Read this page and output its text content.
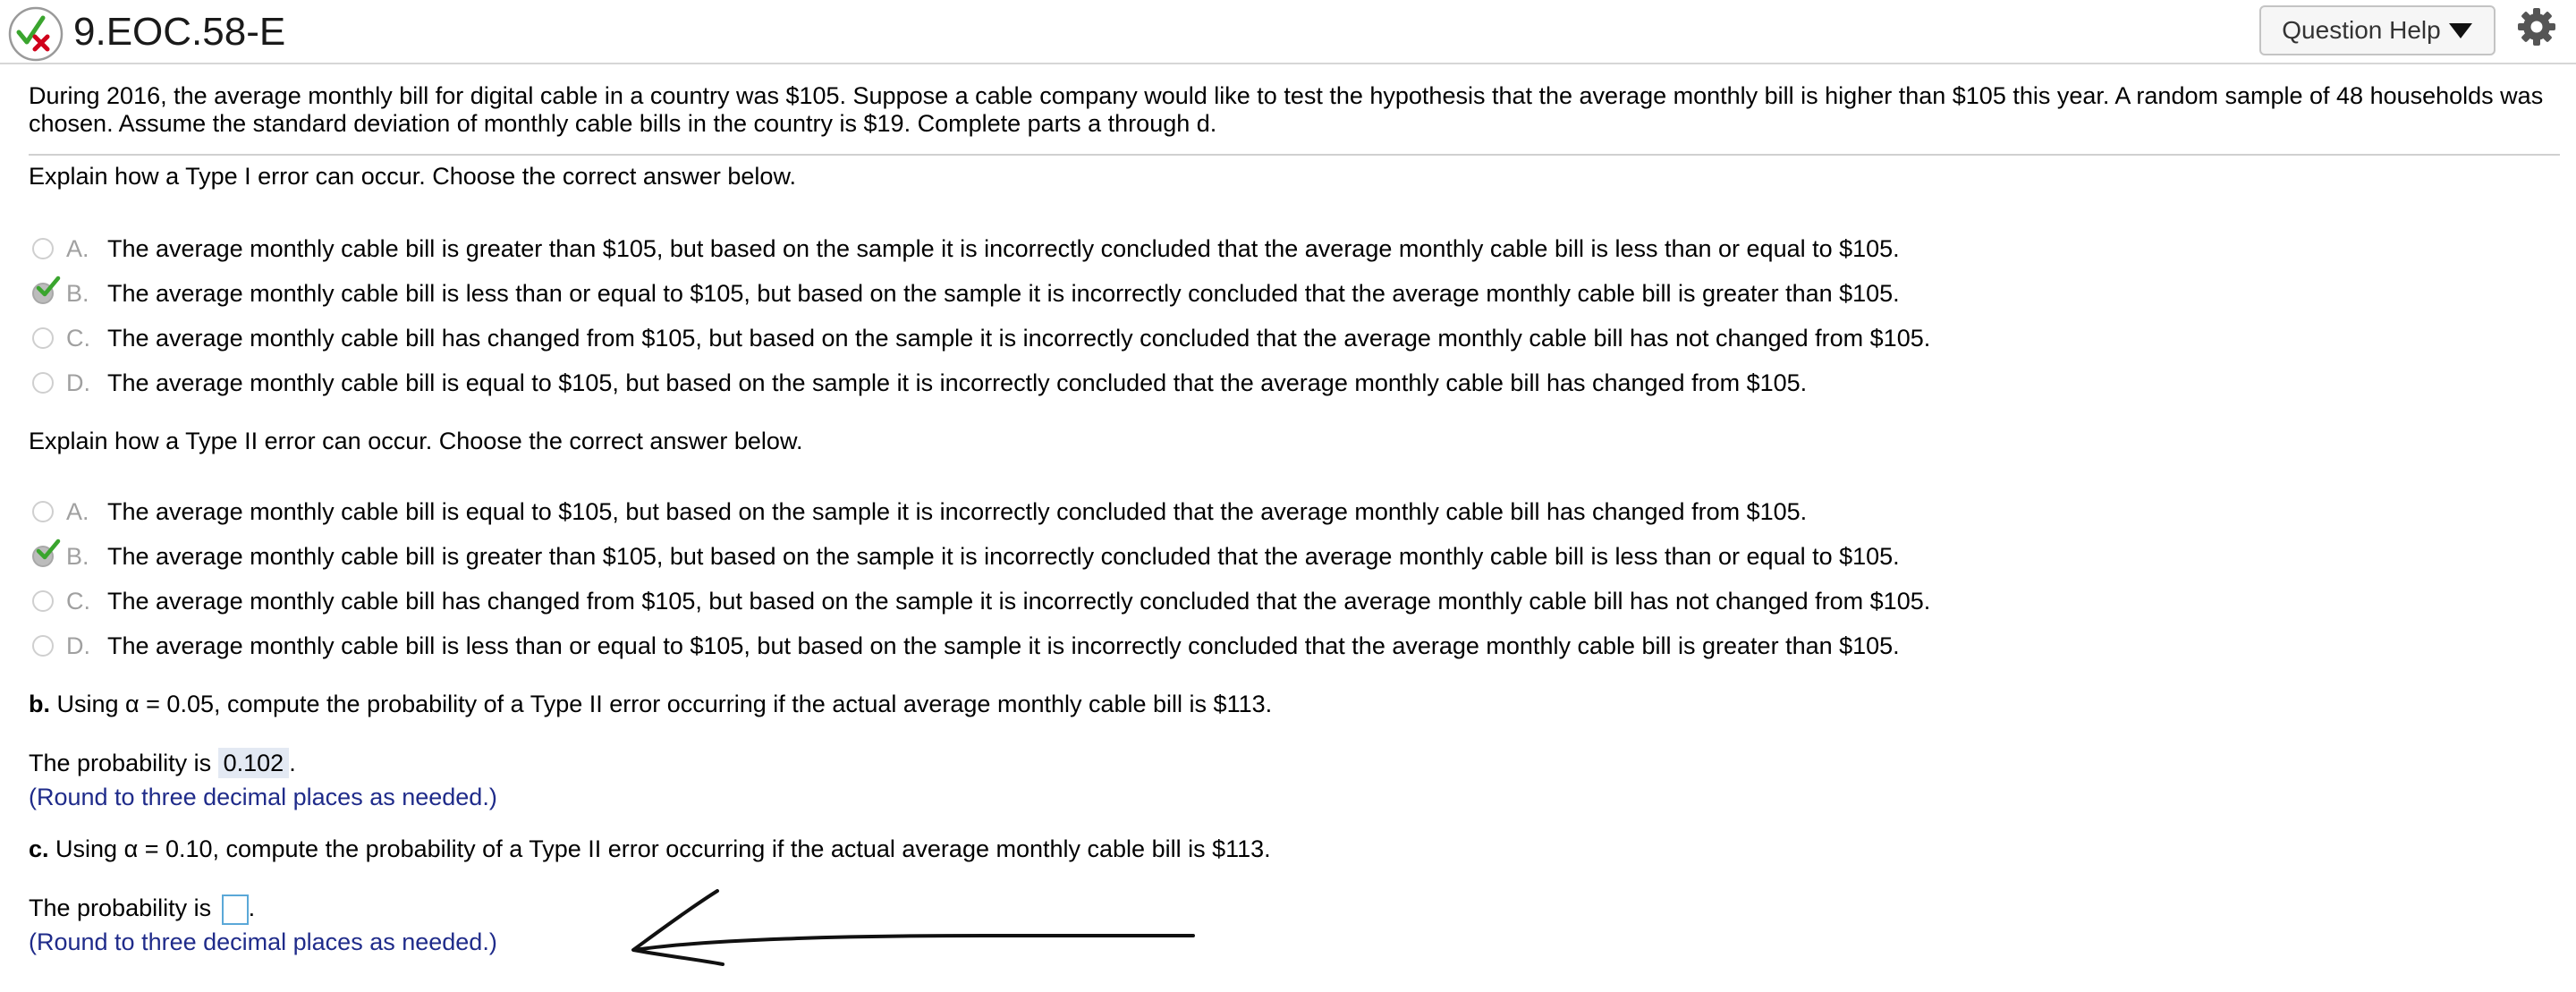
9.EOC.58-E	Question Help

During 2016, the average monthly bill for digital cable in a country was $105. Suppose a cable company would like to test the hypothesis that the average monthly bill is higher than $105 this year. A random sample of 48 households was chosen. Assume the standard deviation of monthly cable bills in the country is $19. Complete parts a through d.

Explain how a Type I error can occur. Choose the correct answer below.

A. The average monthly cable bill is greater than $105, but based on the sample it is incorrectly concluded that the average monthly cable bill is less than or equal to $105.
B. The average monthly cable bill is less than or equal to $105, but based on the sample it is incorrectly concluded that the average monthly cable bill is greater than $105.
C. The average monthly cable bill has changed from $105, but based on the sample it is incorrectly concluded that the average monthly cable bill has not changed from $105.
D. The average monthly cable bill is equal to $105, but based on the sample it is incorrectly concluded that the average monthly cable bill has changed from $105.

Explain how a Type II error can occur. Choose the correct answer below.

A. The average monthly cable bill is equal to $105, but based on the sample it is incorrectly concluded that the average monthly cable bill has changed from $105.
B. The average monthly cable bill is greater than $105, but based on the sample it is incorrectly concluded that the average monthly cable bill is less than or equal to $105.
C. The average monthly cable bill has changed from $105, but based on the sample it is incorrectly concluded that the average monthly cable bill has not changed from $105.
D. The average monthly cable bill is less than or equal to $105, but based on the sample it is incorrectly concluded that the average monthly cable bill is greater than $105.

b. Using α = 0.05, compute the probability of a Type II error occurring if the actual average monthly cable bill is $113.

The probability is 0.102 .

(Round to three decimal places as needed.)

c. Using α = 0.10, compute the probability of a Type II error occurring if the actual average monthly cable bill is $113.

The probability is .

(Round to three decimal places as needed.)
